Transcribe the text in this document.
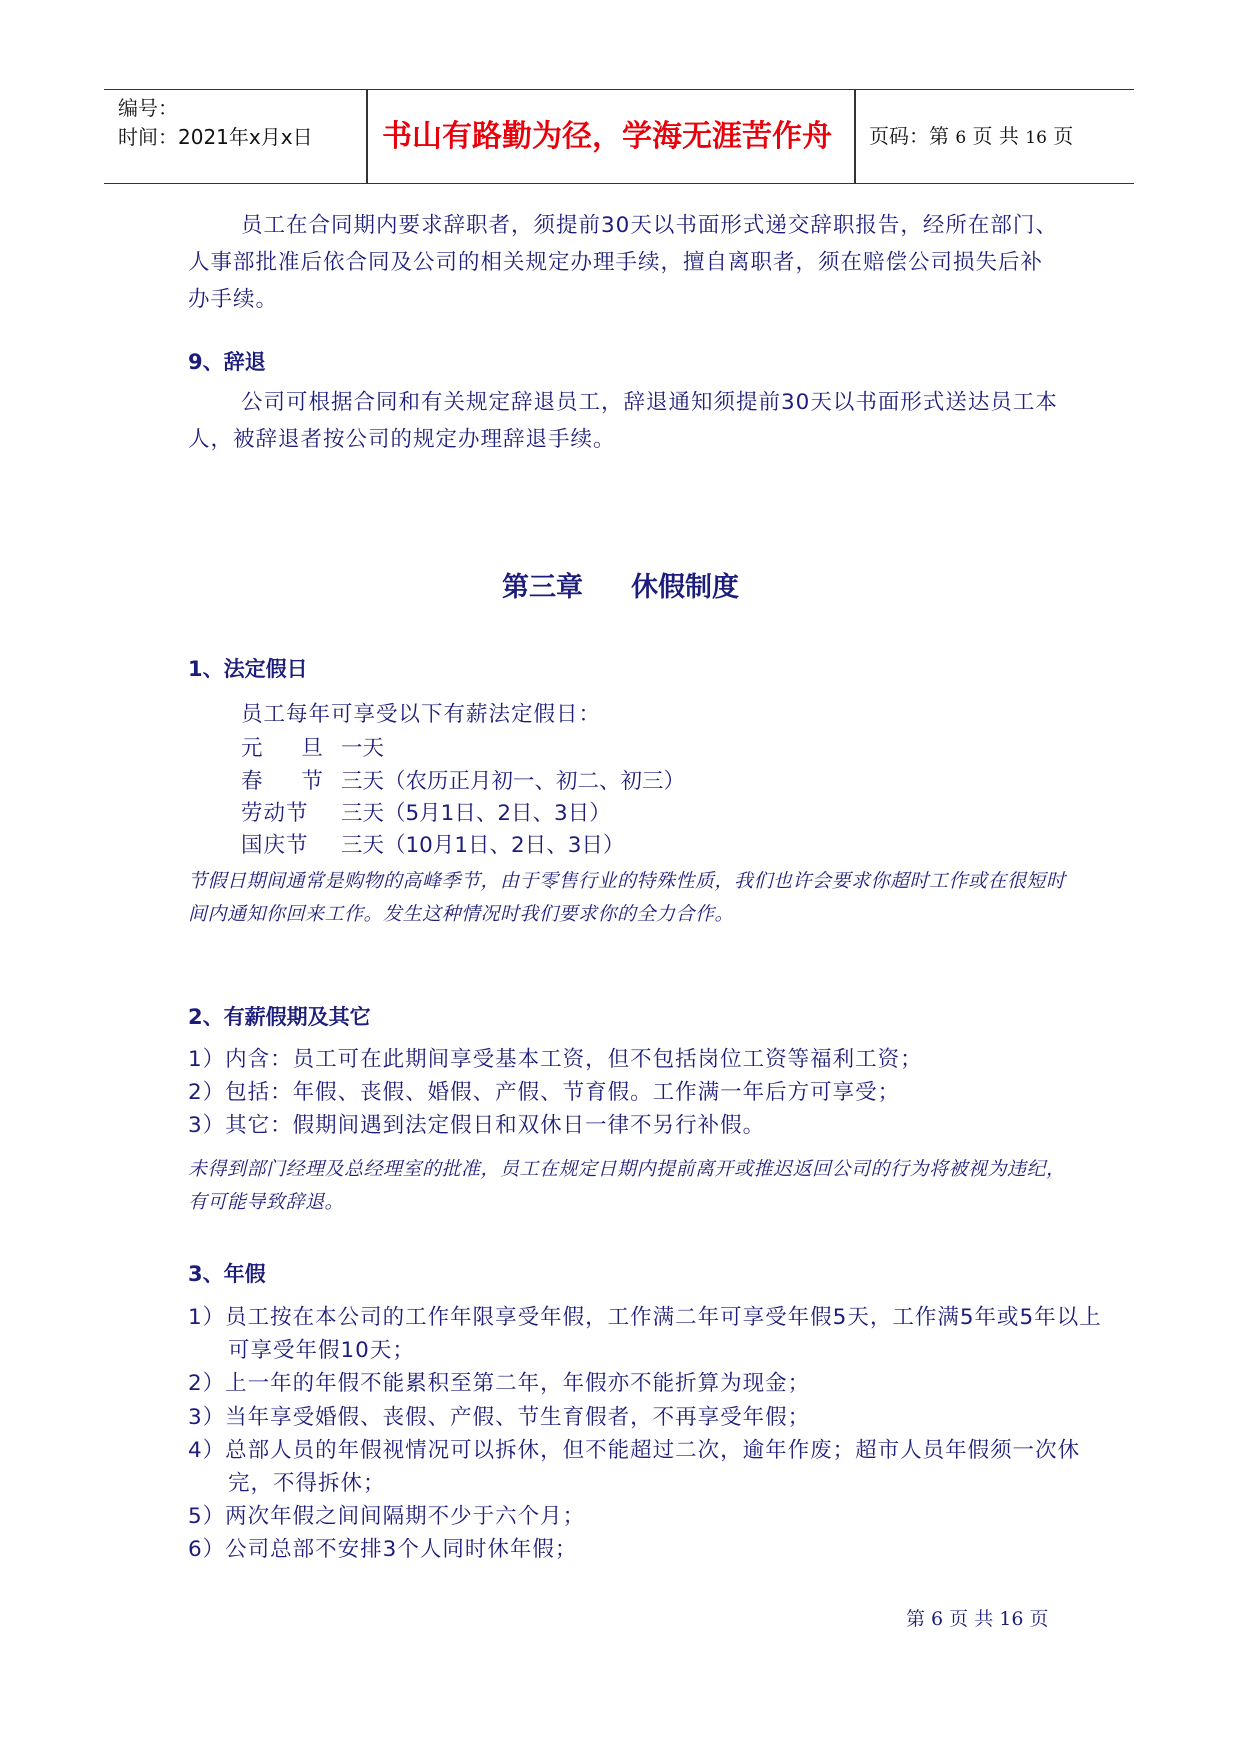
编号：
时间：2021年x月x日	书山有路勤为径，学海无涯苦作舟	页码：第 6 页 共 16 页
员工在合同期内要求辞职者，须提前30天以书面形式递交辞职报告，经所在部门、人事部批准后依合同及公司的相关规定办理手续，擅自离职者，须在赔偿公司损失后补办手续。
9、辞退
公司可根据合同和有关规定辞退员工，辞退通知须提前30天以书面形式送达员工本人，被辞退者按公司的规定办理辞退手续。
第三章 休假制度
1、法定假日
员工每年可享受以下有薪法定假日：
元 旦 一天
春 节 三天（农历正月初一、初二、初三）
劳动节 三天（5月1日、2日、3日）
国庆节 三天（10月1日、2日、3日）
节假日期间通常是购物的高峰季节，由于零售行业的特殊性质，我们也许会要求你超时工作或在很短时间内通知你回来工作。发生这种情况时我们要求你的全力合作。
2、有薪假期及其它
1）内含：员工可在此期间享受基本工资，但不包括岗位工资等福利工资；
2）包括：年假、丧假、婚假、产假、节育假。工作满一年后方可享受；
3）其它：假期间遇到法定假日和双休日一律不另行补假。
未得到部门经理及总经理室的批准，员工在规定日期内提前离开或推迟返回公司的行为将被视为违纪，有可能导致辞退。
3、年假
1）员工按在本公司的工作年限享受年假，工作满二年可享受年假5天，工作满5年或5年以上可享受年假10天；
2）上一年的年假不能累积至第二年，年假亦不能折算为现金；
3）当年享受婚假、丧假、产假、节生育假者，不再享受年假；
4）总部人员的年假视情况可以拆休，但不能超过二次，逾年作废；超市人员年假须一次休完，不得拆休；
5）两次年假之间间隔期不少于六个月；
6）公司总部不安排3个人同时休年假；
第 6 页 共 16 页
